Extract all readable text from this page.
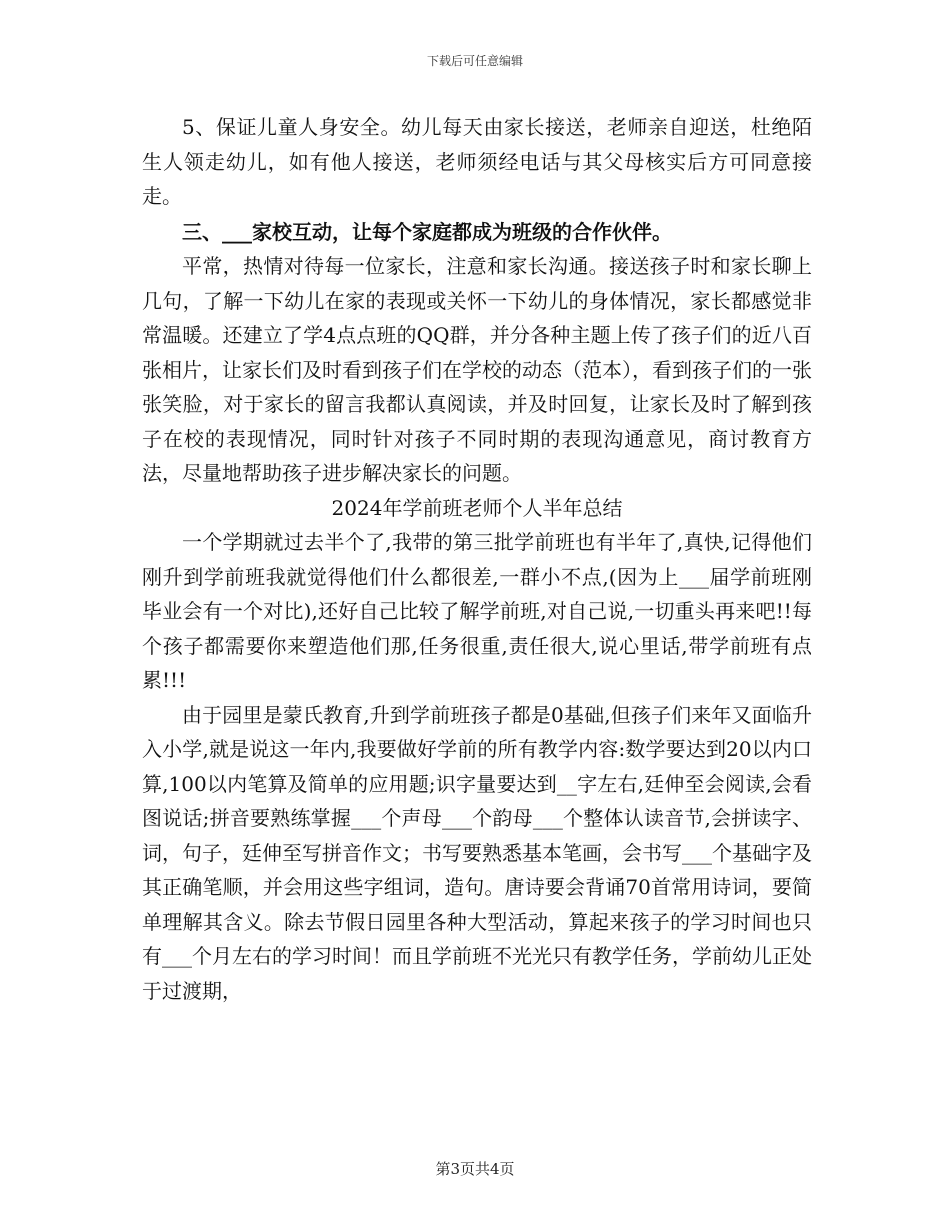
下载后可任意编辑

5、保证儿童人身安全。幼儿每天由家长接送，老师亲自迎送，杜绝陌生人领走幼儿，如有他人接送，老师须经电话与其父母核实后方可同意接走。

三、___家校互动，让每个家庭都成为班级的合作伙伴。

平常，热情对待每一位家长，注意和家长沟通。接送孩子时和家长聊上几句，了解一下幼儿在家的表现或关怀一下幼儿的身体情况，家长都感觉非常温暖。还建立了学4点点班的QQ群，并分各种主题上传了孩子们的近八百张相片，让家长们及时看到孩子们在学校的动态（范本），看到孩子们的一张张笑脸，对于家长的留言我都认真阅读，并及时回复，让家长及时了解到孩子在校的表现情况，同时针对孩子不同时期的表现沟通意见，商讨教育方法，尽量地帮助孩子进步解决家长的问题。

2024年学前班老师个人半年总结

一个学期就过去半个了,我带的第三批学前班也有半年了,真快,记得他们刚升到学前班我就觉得他们什么都很差,一群小不点,(因为上___届学前班刚毕业会有一个对比),还好自己比较了解学前班,对自己说,一切重头再来吧!!每个孩子都需要你来塑造他们那,任务很重,责任很大,说心里话,带学前班有点累!!!

由于园里是蒙氏教育,升到学前班孩子都是0基础,但孩子们来年又面临升入小学,就是说这一年内,我要做好学前的所有教学内容:数学要达到20以内口算,100以内笔算及简单的应用题;识字量要达到__字左右,廷伸至会阅读,会看图说话;拼音要熟练掌握___个声母___个韵母___个整体认读音节,会拼读字、词，句子，廷伸至写拼音作文；书写要熟悉基本笔画，会书写___个基础字及其正确笔顺，并会用这些字组词，造句。唐诗要会背诵70首常用诗词，要简单理解其含义。除去节假日园里各种大型活动，算起来孩子的学习时间也只有___个月左右的学习时间！而且学前班不光光只有教学任务，学前幼儿正处于过渡期，

第3页共4页
